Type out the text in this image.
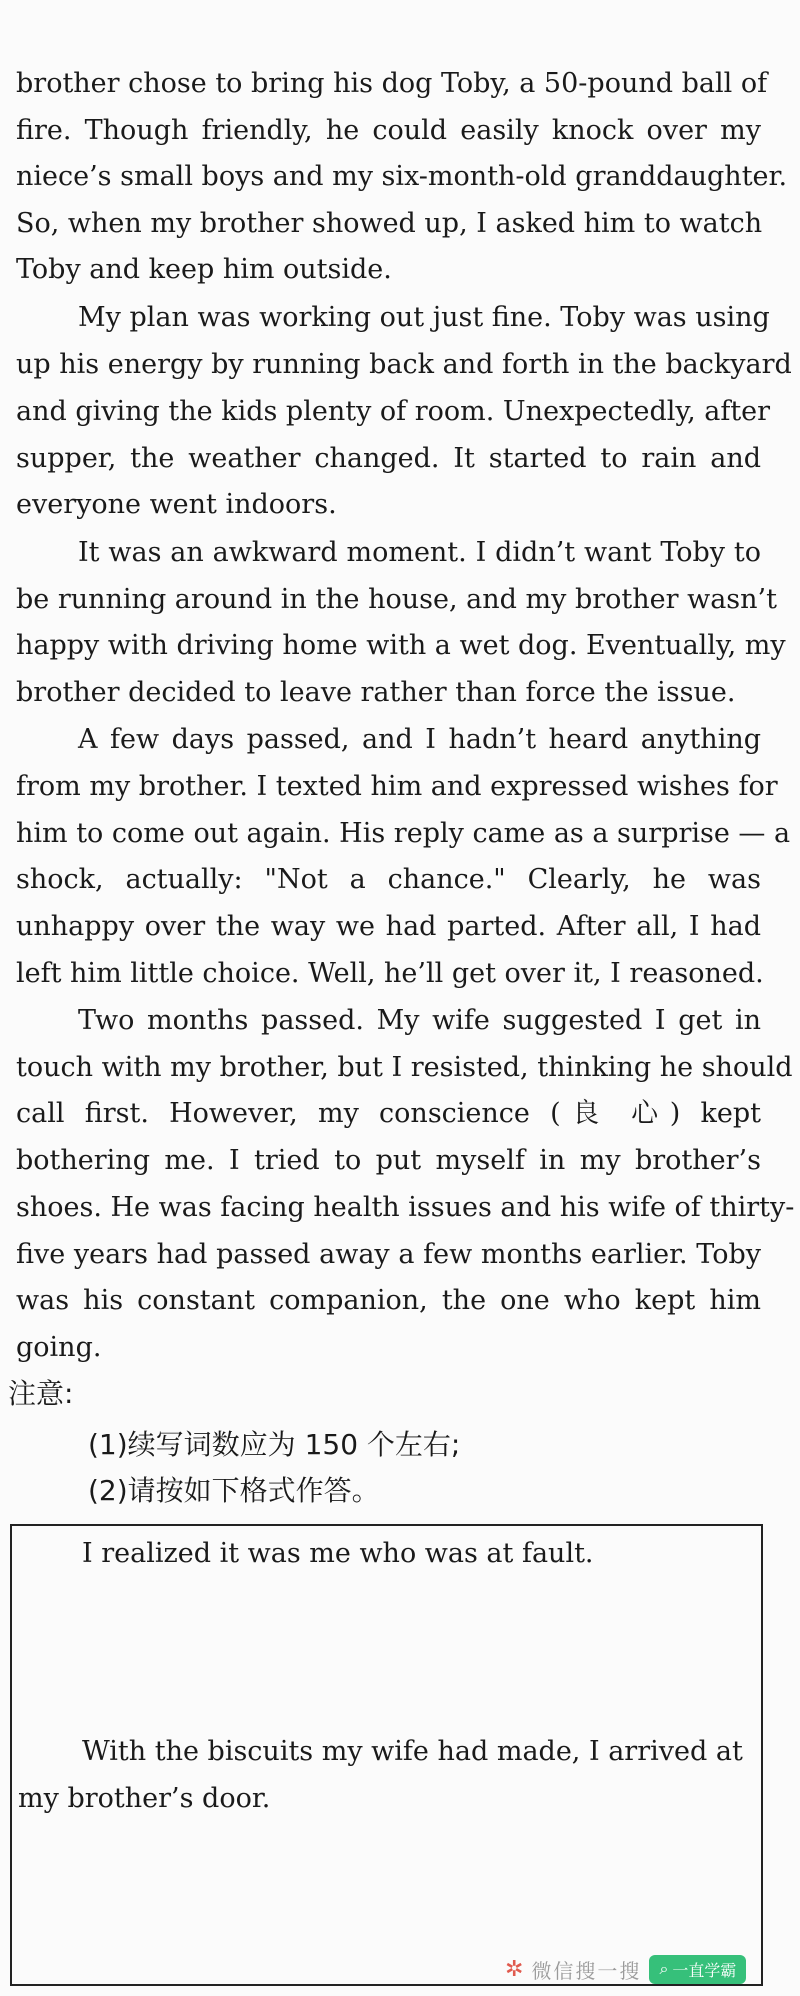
brother chose to bring his dog Toby, a 50-pound ball of
fire. Though friendly, he could easily knock over my
niece’s small boys and my six-month-old granddaughter.
So, when my brother showed up, I asked him to watch
Toby and keep him outside.
My plan was working out just fine. Toby was using
up his energy by running back and forth in the backyard
and giving the kids plenty of room. Unexpectedly, after
supper, the weather changed. It started to rain and
everyone went indoors.
It was an awkward moment. I didn’t want Toby to
be running around in the house, and my brother wasn’t
happy with driving home with a wet dog. Eventually, my
brother decided to leave rather than force the issue.
A few days passed, and I hadn’t heard anything
from my brother. I texted him and expressed wishes for
him to come out again. His reply came as a surprise — a
shock, actually: "Not a chance." Clearly, he was
unhappy over the way we had parted. After all, I had
left him little choice. Well, he’ll get over it, I reasoned.
Two months passed. My wife suggested I get in
touch with my brother, but I resisted, thinking he should
call first. However, my conscience (良 心) kept
bothering me. I tried to put myself in my brother’s
shoes. He was facing health issues and his wife of thirty-
five years had passed away a few months earlier. Toby
was his constant companion, the one who kept him
going.
注意:
(1)续写词数应为 150 个左右;
(2)请按如下格式作答。
I realized it was me who was at fault.
With the biscuits my wife had made, I arrived at
my brother’s door.
✲ 微信搜一搜 ⌕ 一直学霸
